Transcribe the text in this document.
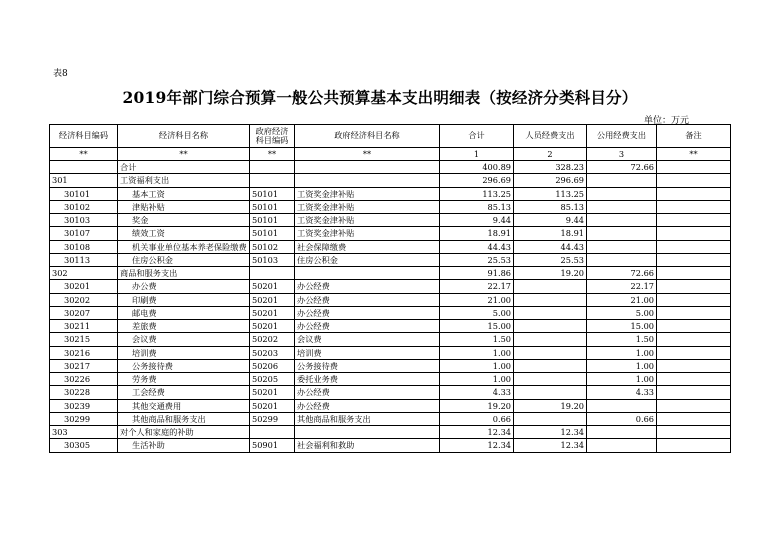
表8
2019年部门综合预算一般公共预算基本支出明细表（按经济分类科目分）
单位：万元
经济科目编码	经济科目名称	政府经济科目编码	政府经济科目名称	合计	人员经费支出	公用经费支出	备注
**	**	**	**	1	2	3	**
	合计			400.89	328.23	72.66	
301	工资福利支出			296.69	296.69		
30101	基本工资	50101	工资奖金津补贴	113.25	113.25		
30102	津贴补贴	50101	工资奖金津补贴	85.13	85.13		
30103	奖金	50101	工资奖金津补贴	9.44	9.44		
30107	绩效工资	50101	工资奖金津补贴	18.91	18.91		
30108	机关事业单位基本养老保险缴费	50102	社会保障缴费	44.43	44.43		
30113	住房公积金	50103	住房公积金	25.53	25.53		
302	商品和服务支出			91.86	19.20	72.66	
30201	办公费	50201	办公经费	22.17		22.17	
30202	印刷费	50201	办公经费	21.00		21.00	
30207	邮电费	50201	办公经费	5.00		5.00	
30211	差旅费	50201	办公经费	15.00		15.00	
30215	会议费	50202	会议费	1.50		1.50	
30216	培训费	50203	培训费	1.00		1.00	
30217	公务接待费	50206	公务接待费	1.00		1.00	
30226	劳务费	50205	委托业务费	1.00		1.00	
30228	工会经费	50201	办公经费	4.33		4.33	
30239	其他交通费用	50201	办公经费	19.20	19.20		
30299	其他商品和服务支出	50299	其他商品和服务支出	0.66		0.66	
303	对个人和家庭的补助			12.34	12.34		
30305	生活补助	50901	社会福利和救助	12.34	12.34		
